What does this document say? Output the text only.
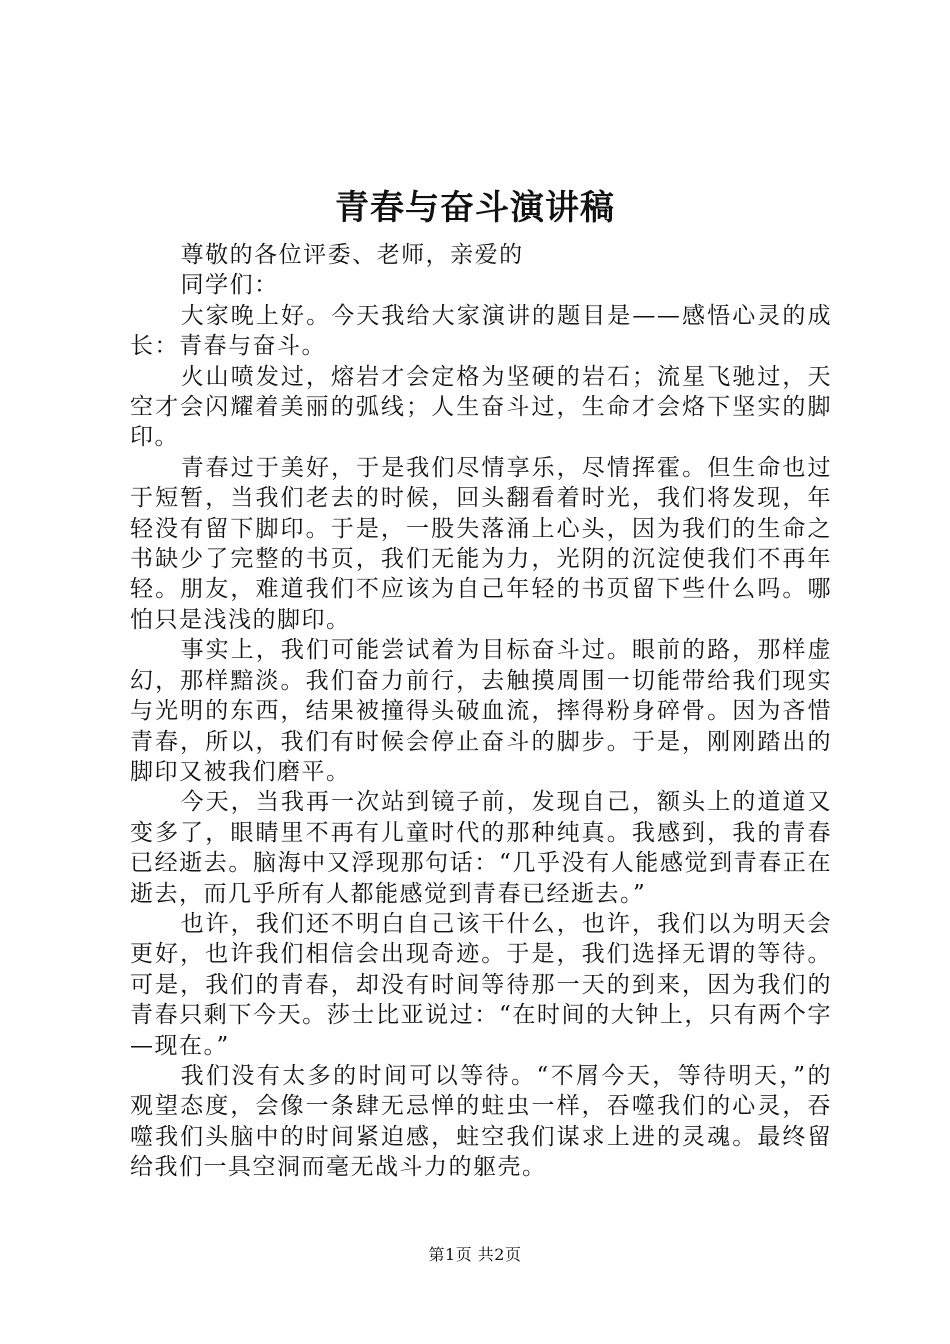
青春与奋斗演讲稿

尊敬的各位评委、老师，亲爱的

同学们：

大家晚上好。今天我给大家演讲的题目是——感悟心灵的成长：青春与奋斗。

火山喷发过，熔岩才会定格为坚硬的岩石；流星飞驰过，天空才会闪耀着美丽的弧线；人生奋斗过，生命才会烙下坚实的脚印。

青春过于美好，于是我们尽情享乐，尽情挥霍。但生命也过于短暂，当我们老去的时候，回头翻看着时光，我们将发现，年轻没有留下脚印。于是，一股失落涌上心头，因为我们的生命之书缺少了完整的书页，我们无能为力，光阴的沉淀使我们不再年轻。朋友，难道我们不应该为自己年轻的书页留下些什么吗。哪怕只是浅浅的脚印。

事实上，我们可能尝试着为目标奋斗过。眼前的路，那样虚幻，那样黯淡。我们奋力前行，去触摸周围一切能带给我们现实与光明的东西，结果被撞得头破血流，摔得粉身碎骨。因为吝惜青春，所以，我们有时候会停止奋斗的脚步。于是，刚刚踏出的脚印又被我们磨平。

今天，当我再一次站到镜子前，发现自己，额头上的道道又变多了，眼睛里不再有儿童时代的那种纯真。我感到，我的青春已经逝去。脑海中又浮现那句话：“几乎没有人能感觉到青春正在逝去，而几乎所有人都能感觉到青春已经逝去。”

也许，我们还不明白自己该干什么，也许，我们以为明天会更好，也许我们相信会出现奇迹。于是，我们选择无谓的等待。可是，我们的青春，却没有时间等待那一天的到来，因为我们的青春只剩下今天。莎士比亚说过：“在时间的大钟上，只有两个字—现在。”

我们没有太多的时间可以等待。“不屑今天，等待明天，”的观望态度，会像一条肆无忌惮的蛀虫一样，吞噬我们的心灵，吞噬我们头脑中的时间紧迫感，蛀空我们谋求上进的灵魂。最终留给我们一具空洞而毫无战斗力的躯壳。

第1页 共2页
